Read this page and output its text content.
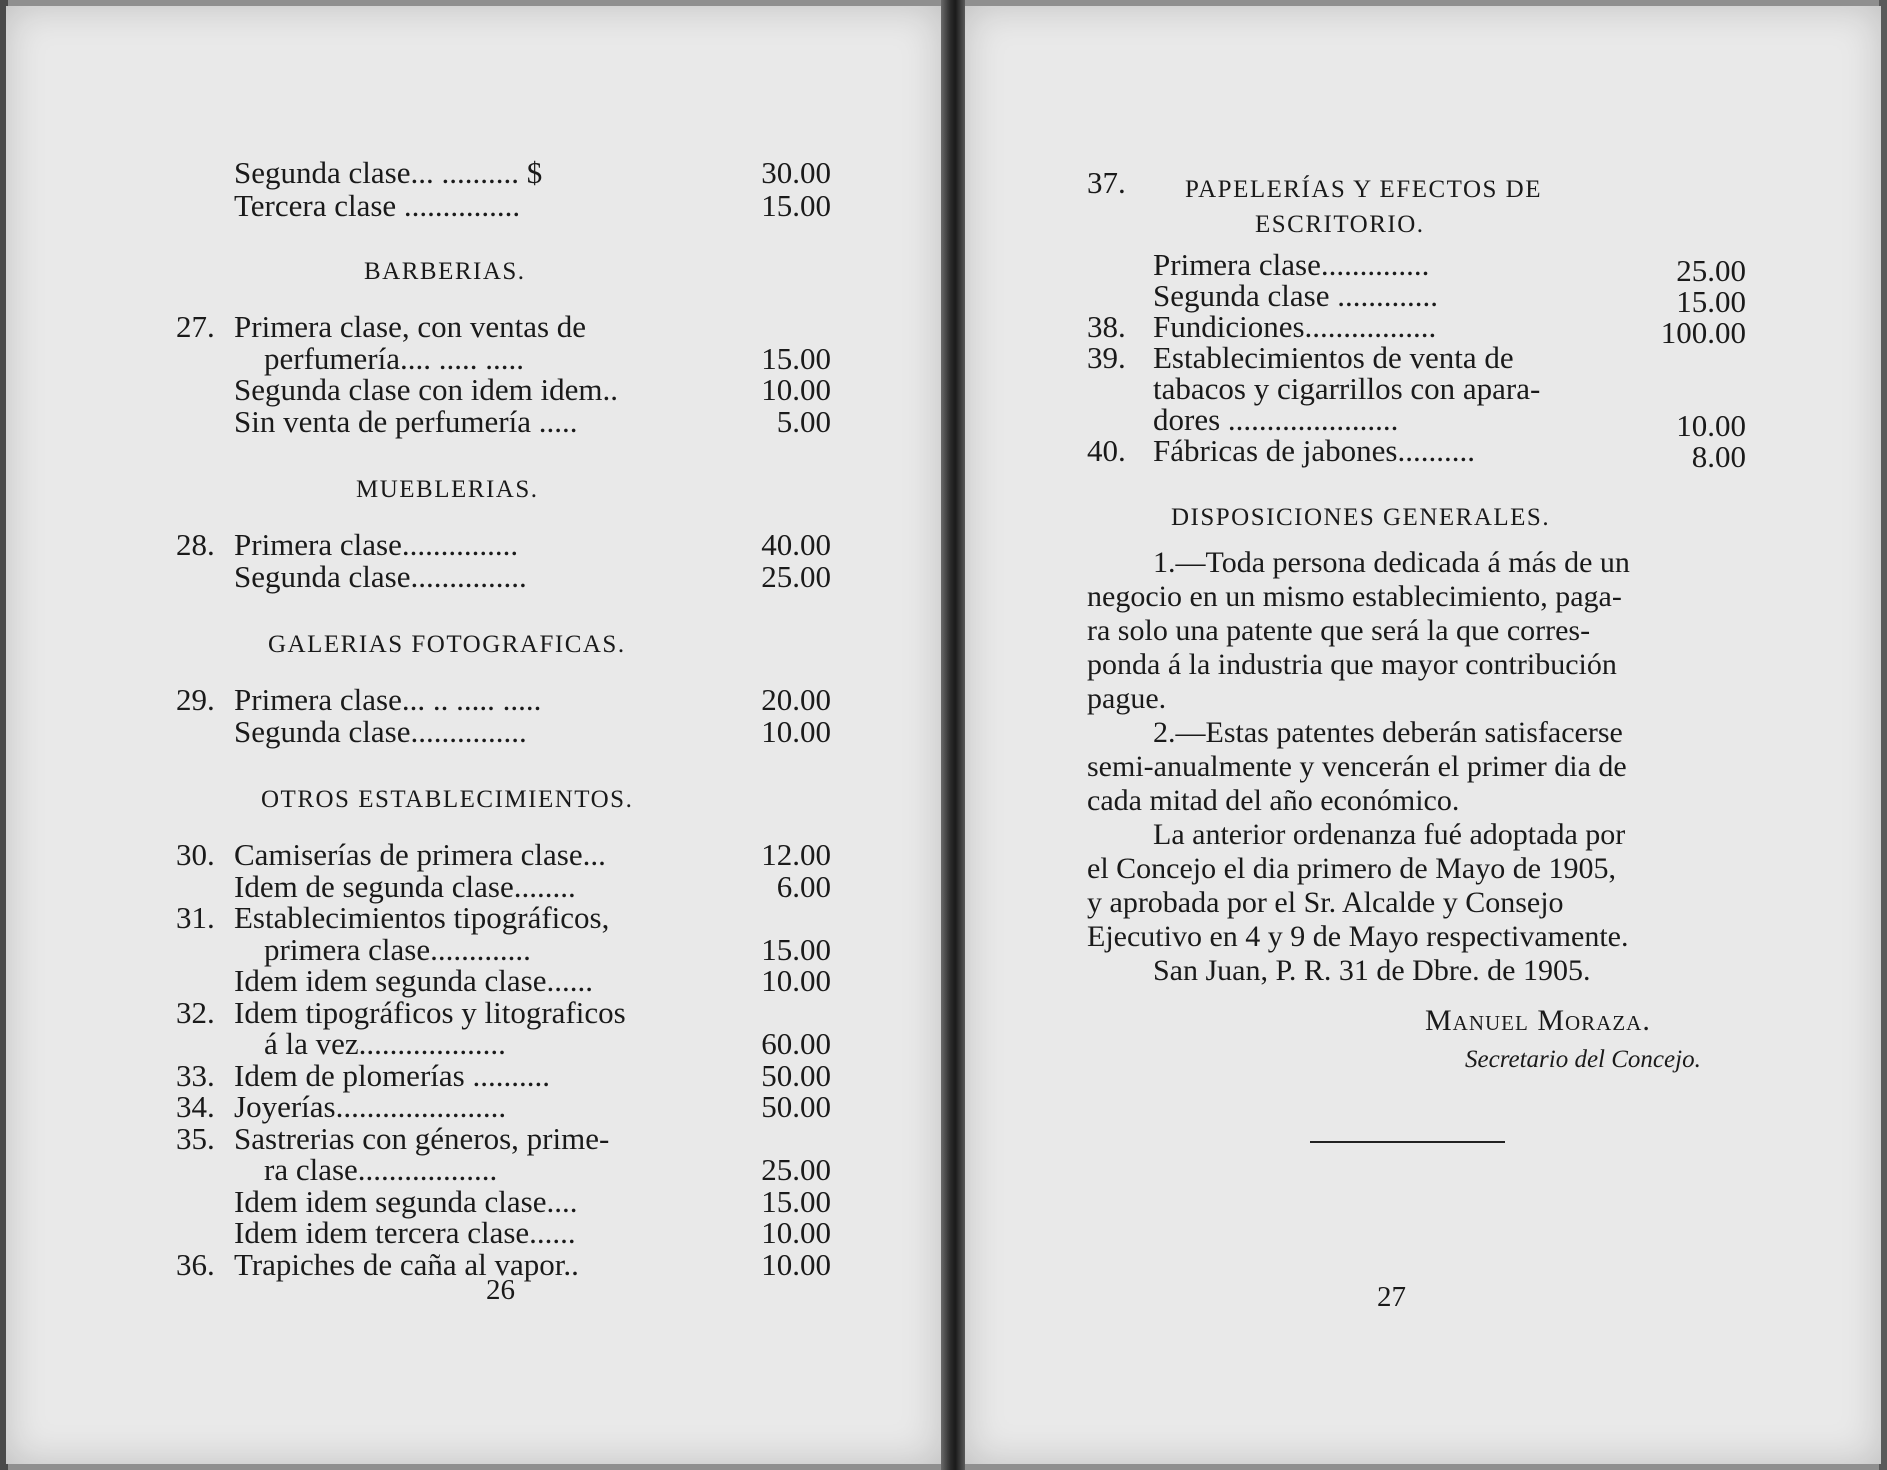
Segunda clase... .......... $	30.00
Tercera clase ...............	15.00
BARBERIAS.
27. Primera clase, con ventas de
perfumería.... ..... .....	15.00
Segunda clase con idem idem..	10.00
Sin venta de perfumería .....	5.00
MUEBLERIAS.
28. Primera clase...............	40.00
Segunda clase...............	25.00
GALERIAS FOTOGRAFICAS.
29. Primera clase... .. ..... .....	20.00
Segunda clase...............	10.00
OTROS ESTABLECIMIENTOS.
30. Camiserías de primera clase...	12.00
Idem de segunda clase........	6.00
31. Establecimientos tipográficos,
primera clase.............	15.00
Idem idem segunda clase......	10.00
32. Idem tipográficos y litograficos
á la vez...................	60.00
33. Idem de plomerías ..........	50.00
34. Joyerías......................	50.00
35. Sastrerias con géneros, prime-
ra clase..................	25.00
Idem idem segunda clase....	15.00
Idem idem tercera clase......	10.00
36. Trapiches de caña al vapor..	10.00
26
37. PAPELERÍAS Y EFECTOS DE
ESCRITORIO.
Primera clase..............	25.00
Segunda clase .............	15.00
38. Fundiciones.................	100.00
39. Establecimientos de venta de
tabacos y cigarrillos con apara-
dores ......................	10.00
40. Fábricas de jabones..........	8.00
DISPOSICIONES GENERALES.
1.—Toda persona dedicada á más de un
negocio en un mismo establecimiento, paga-
ra solo una patente que será la que corres-
ponda á la industria que mayor contribución
pague.
2.—Estas patentes deberán satisfacerse
semi-anualmente y vencerán el primer dia de
cada mitad del año económico.
La anterior ordenanza fué adoptada por
el Concejo el dia primero de Mayo de 1905,
y aprobada por el Sr. Alcalde y Consejo
Ejecutivo en 4 y 9 de Mayo respectivamente.
San Juan, P. R. 31 de Dbre. de 1905.
Manuel Moraza.
Secretario del Concejo.
27
